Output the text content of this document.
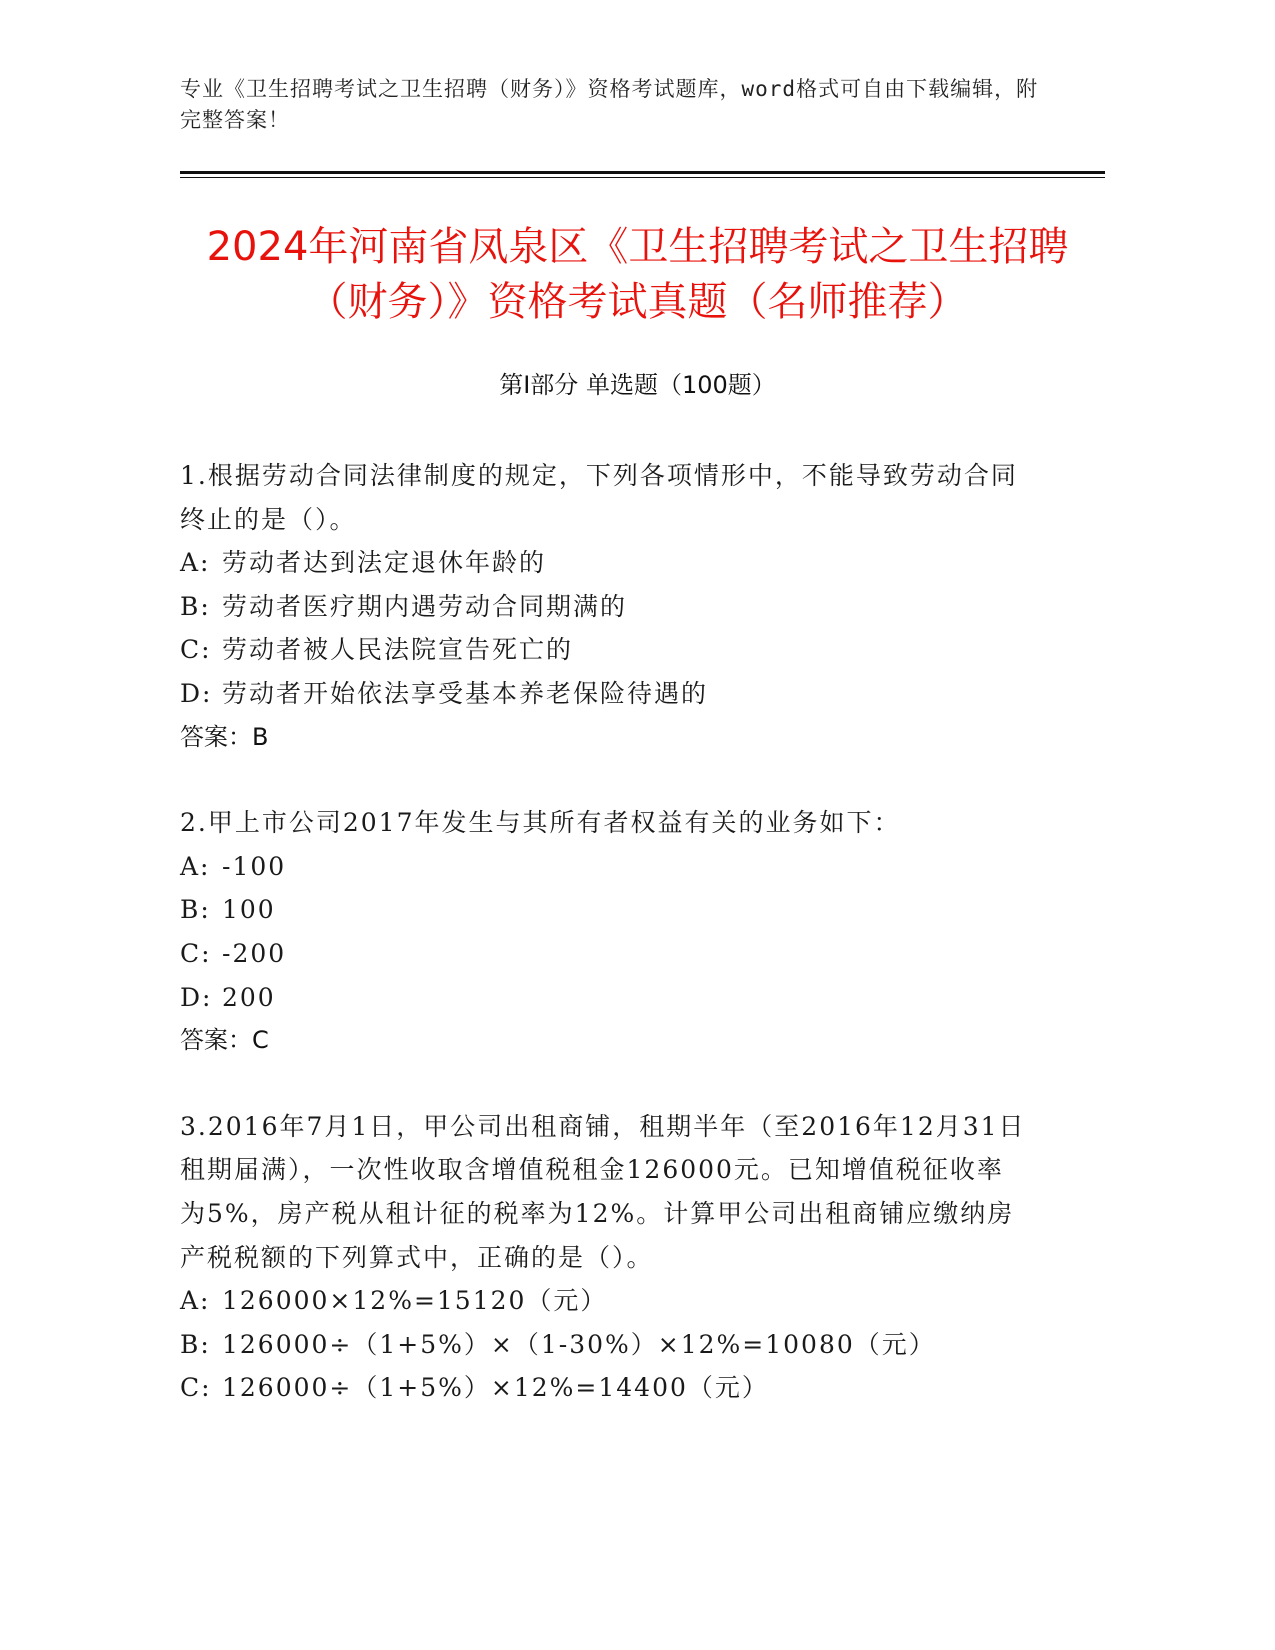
专业《卫生招聘考试之卫生招聘（财务）》资格考试题库，word格式可自由下载编辑，附完整答案！
2024年河南省凤泉区《卫生招聘考试之卫生招聘（财务）》资格考试真题（名师推荐）
第Ⅰ部分 单选题（100题）
1.根据劳动合同法律制度的规定，下列各项情形中，不能导致劳动合同终止的是（）。
A: 劳动者达到法定退休年龄的
B: 劳动者医疗期内遇劳动合同期满的
C: 劳动者被人民法院宣告死亡的
D: 劳动者开始依法享受基本养老保险待遇的
答案：B
2.甲上市公司2017年发生与其所有者权益有关的业务如下：
A: -100
B: 100
C: -200
D: 200
答案：C
3.2016年7月1日，甲公司出租商铺，租期半年（至2016年12月31日租期届满），一次性收取含增值税租金126000元。已知增值税征收率为5%，房产税从租计征的税率为12%。计算甲公司出租商铺应缴纳房产税税额的下列算式中，正确的是（）。
A: 126000×12%=15120（元）
B: 126000÷（1+5%）×（1-30%）×12%=10080（元）
C: 126000÷（1+5%）×12%=14400（元）
